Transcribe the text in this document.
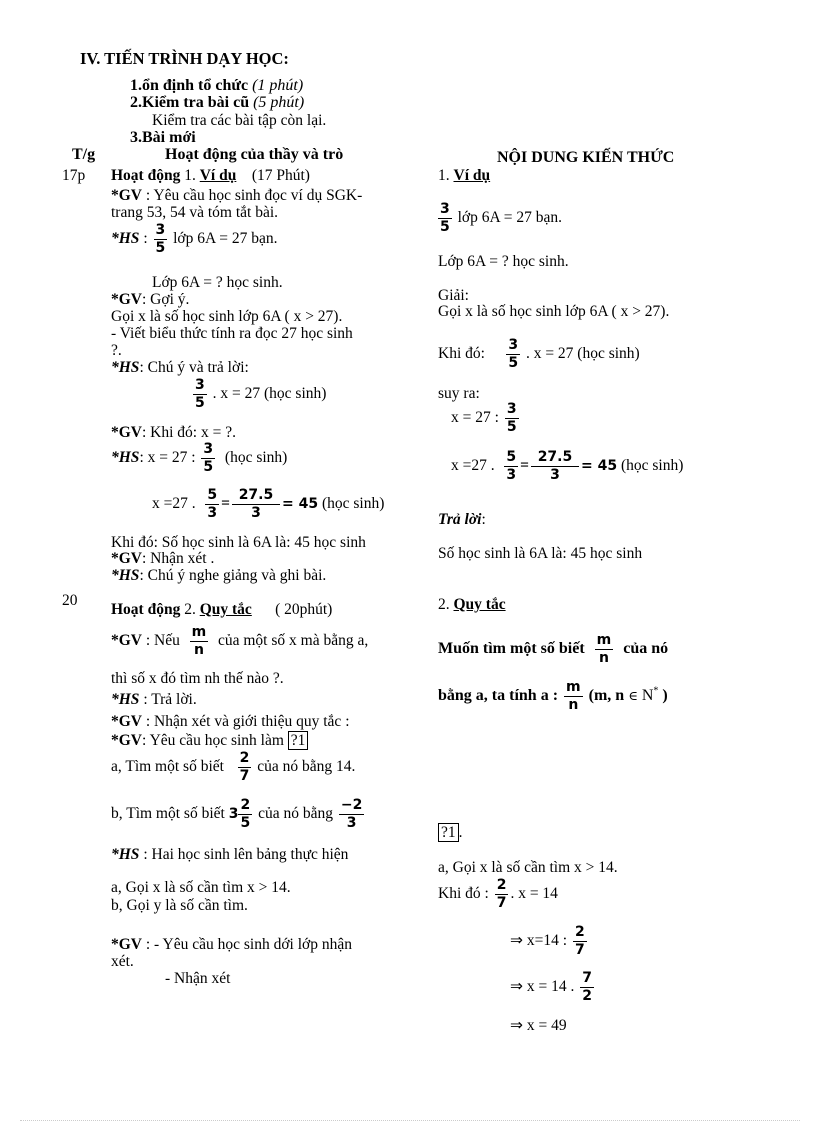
IV. TIẾN TRÌNH DẠY HỌC:
1.ổn định tổ chức (1 phút)
2.Kiểm tra bài cũ (5 phút)
Kiểm tra các bài tập còn lại.
3.Bài mới
T/g	Hoạt động của thầy và trò	NỘI DUNG KIẾN THỨC
17p Hoạt động 1. Ví dụ (17 Phút)
*GV : Yêu cầu học sinh đọc ví dụ SGK-
trang 53, 54 và tóm tắt bài.
*HS : $\frac{3}{5}$ lớp 6A = 27 bạn.
Lớp 6A = ? học sinh.
*GV: Gợi ý.
Gọi x là số học sinh lớp 6A ( x > 27).
- Viết biểu thức tính ra đọc 27 học sinh
?.
*HS: Chú ý và trả lời:
$\frac{3}{5}$ . x = 27 (học sinh)
*GV: Khi đó: x = ?.
*HS: x = 27 : $\frac{3}{5}$ (học sinh)
x =27 . $\frac{5}{3} = \frac{27.5}{3} = 45$ (học sinh)
Khi đó: Số học sinh là 6A là: 45 học sinh
*GV: Nhận xét .
*HS: Chú ý nghe giảng và ghi bài.
1. Ví dụ
$\frac{3}{5}$ lớp 6A = 27 bạn.
Lớp 6A = ? học sinh.
Giải:
Gọi x là số học sinh lớp 6A ( x > 27).
Khi đó: $\frac{3}{5}$ . x = 27 (học sinh)
suy ra:
x = 27 : $\frac{3}{5}$
x =27 . $\frac{5}{3} = \frac{27.5}{3} = 45$ (học sinh)
Trả lời:
Số học sinh là 6A là: 45 học sinh
20
Hoạt động 2. Quy tắc ( 20phút)
*GV : Nếu $\frac{m}{n}$ của một số x mà bằng a,
thì số x đó tìm nh thế nào ?.
*HS : Trả lời.
*GV : Nhận xét và giới thiệu quy tắc :
*GV: Yêu cầu học sinh làm ?1
a, Tìm một số biết $\frac{2}{7}$ của nó bằng 14.
b, Tìm một số biết $3 \frac{2}{5}$ của nó bằng $\frac{-2}{3}$
*HS : Hai học sinh lên bảng thực hiện
a, Gọi x là số cần tìm x > 14.
b, Gọi y là số cần tìm.
*GV : - Yêu cầu học sinh dới lớp nhận
xét.
- Nhận xét
2. Quy tắc
Muốn tìm một số biết $\frac{m}{n}$ của nó
bằng a, ta tính a : $\frac{m}{n} (m$, n ∈ N* )
?1 .
a, Gọi x là số cần tìm x > 14.
Khi đó : $\frac{2}{7}$ . x = 14
⇒ x=14 : $\frac{2}{7}$
⇒ x = 14 . $\frac{7}{2}$
⇒ x = 49
